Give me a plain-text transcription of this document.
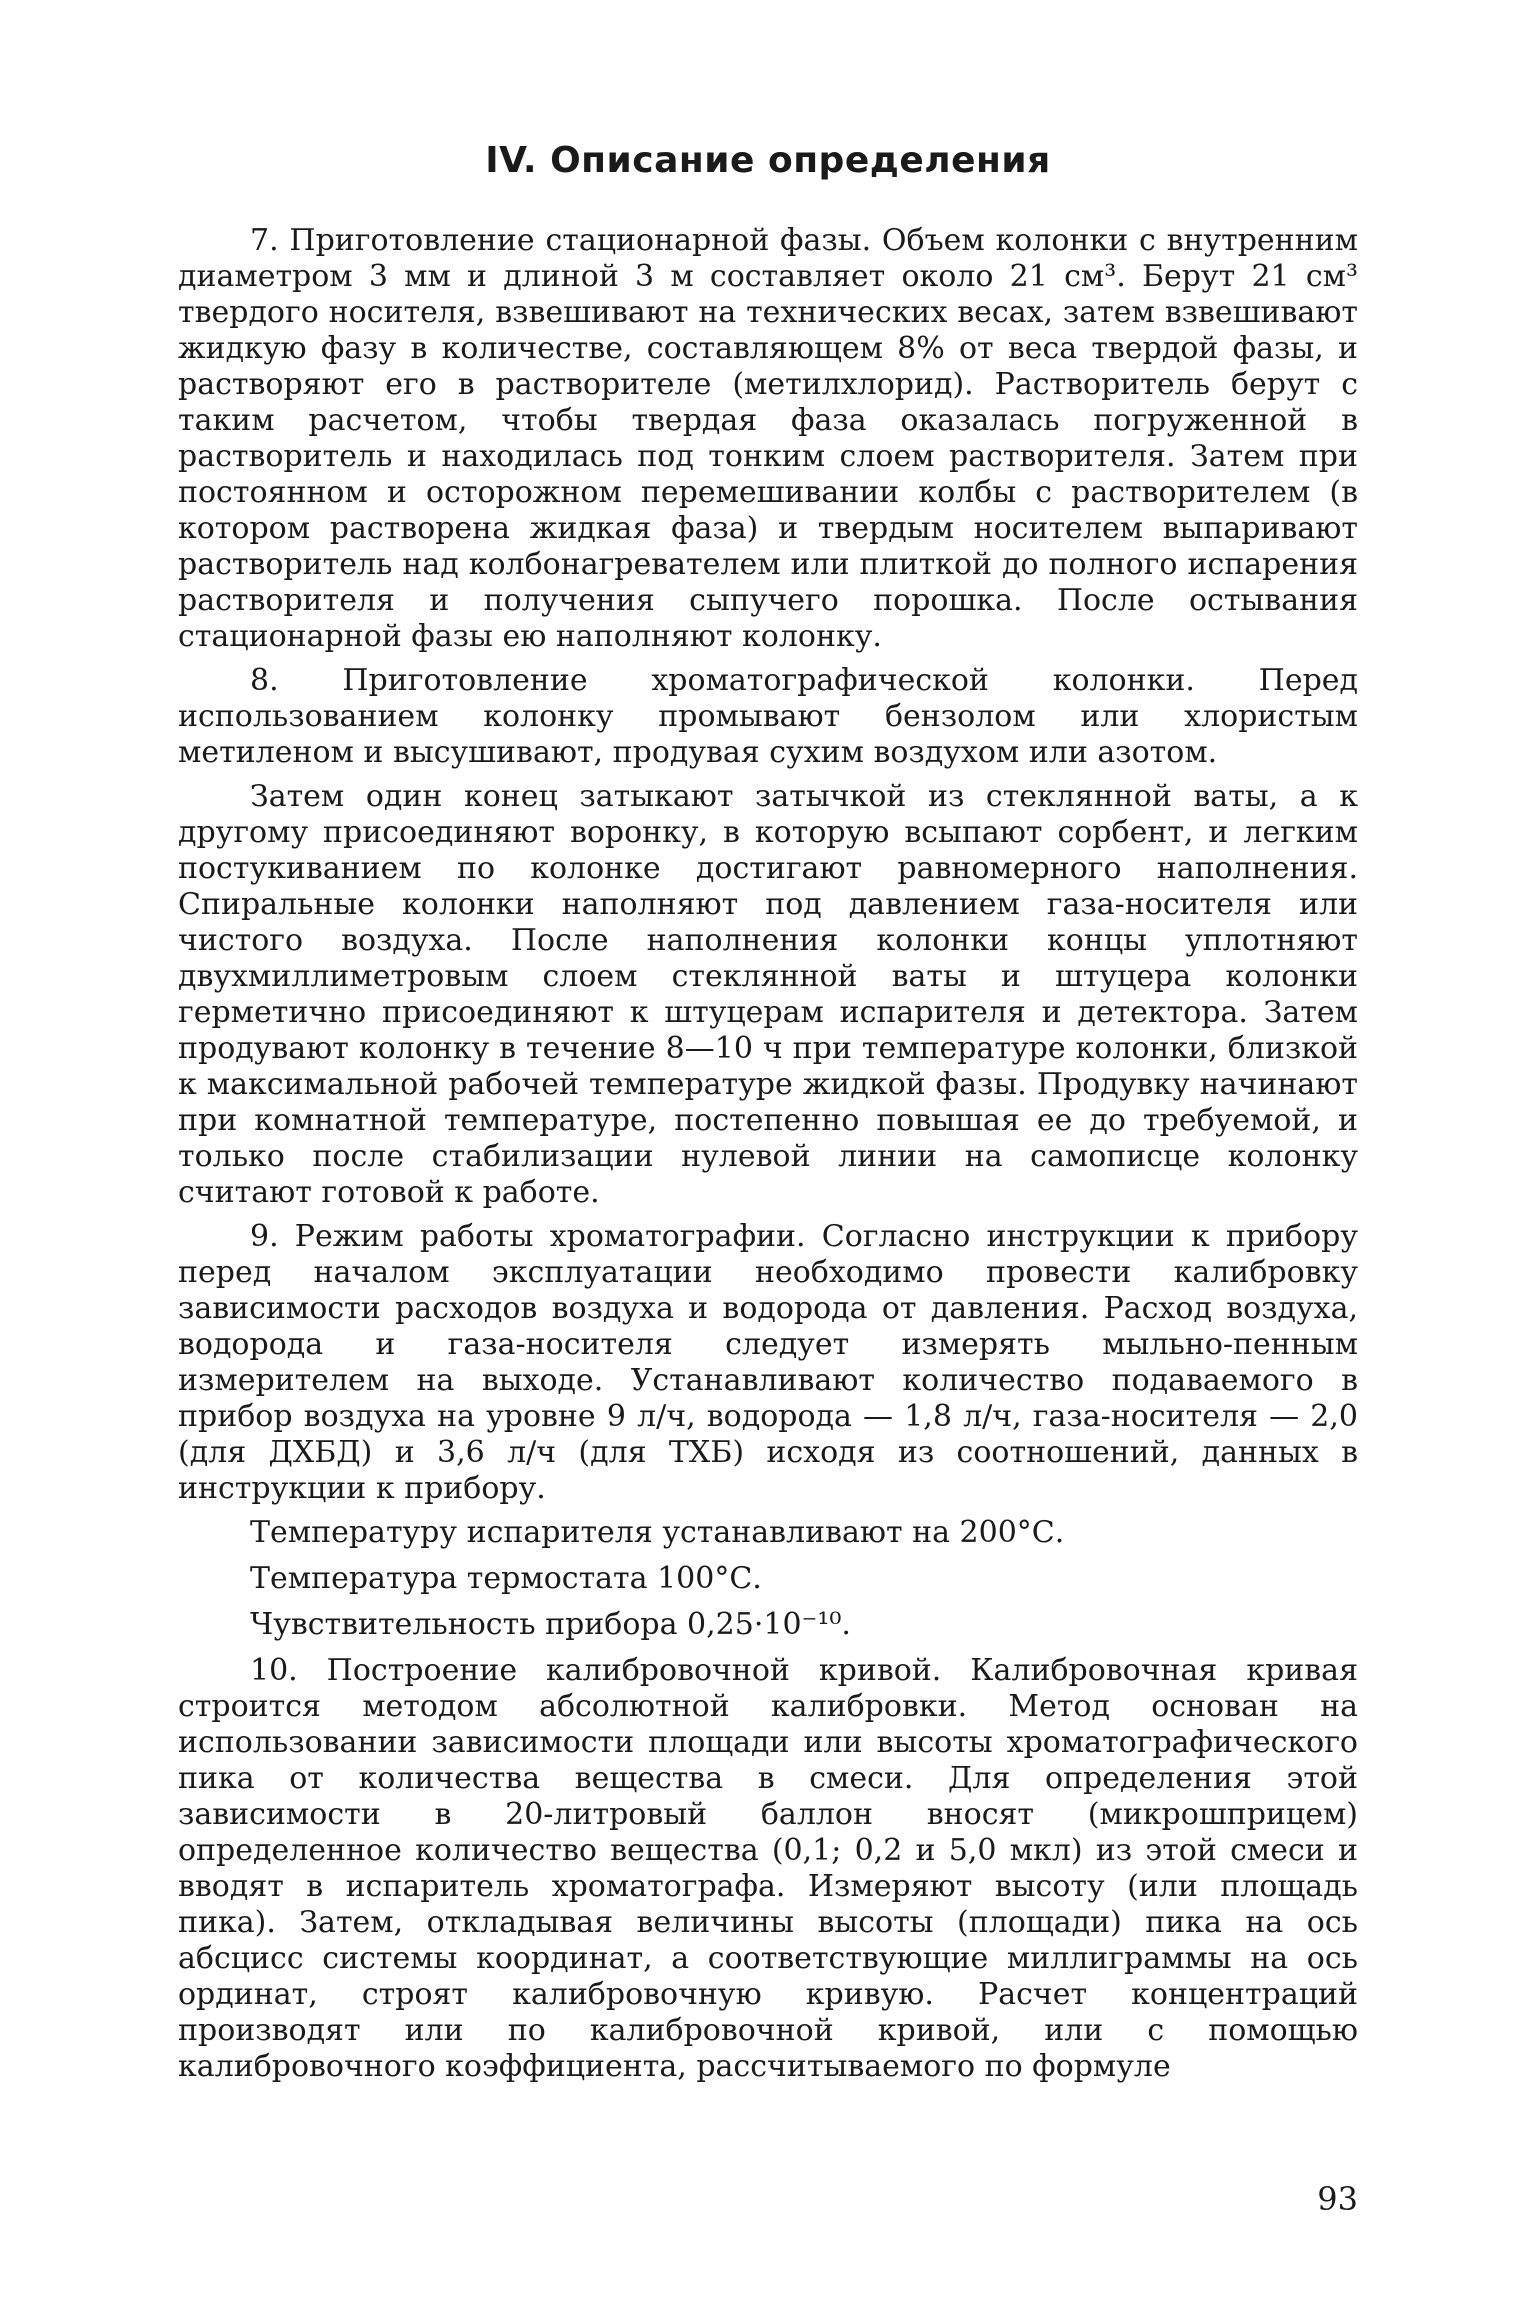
IV. Описание определения

7. Приготовление стационарной фазы. Объем колонки с внутренним диаметром 3 мм и длиной 3 м составляет около 21 см³. Берут 21 см³ твердого носителя, взвешивают на технических весах, затем взвешивают жидкую фазу в количестве, составляющем 8% от веса твердой фазы, и растворяют его в растворителе (метилхлорид). Растворитель берут с таким расчетом, чтобы твердая фаза оказалась погруженной в растворитель и находилась под тонким слоем растворителя. Затем при постоянном и осторожном перемешивании колбы с растворителем (в котором растворена жидкая фаза) и твердым носителем выпаривают растворитель над колбонагревателем или плиткой до полного испарения растворителя и получения сыпучего порошка. После остывания стационарной фазы ею наполняют колонку.

8. Приготовление хроматографической колонки. Перед использованием колонку промывают бензолом или хлористым метиленом и высушивают, продувая сухим воздухом или азотом.

Затем один конец затыкают затычкой из стеклянной ваты, а к другому присоединяют воронку, в которую всыпают сорбент, и легким постукиванием по колонке достигают равномерного наполнения. Спиральные колонки наполняют под давлением газа-носителя или чистого воздуха. После наполнения колонки концы уплотняют двухмиллиметровым слоем стеклянной ваты и штуцера колонки герметично присоединяют к штуцерам испарителя и детектора. Затем продувают колонку в течение 8—10 ч при температуре колонки, близкой к максимальной рабочей температуре жидкой фазы. Продувку начинают при комнатной температуре, постепенно повышая ее до требуемой, и только после стабилизации нулевой линии на самописце колонку считают готовой к работе.

9. Режим работы хроматографии. Согласно инструкции к прибору перед началом эксплуатации необходимо провести калибровку зависимости расходов воздуха и водорода от давления. Расход воздуха, водорода и газа-носителя следует измерять мыльно-пенным измерителем на выходе. Устанавливают количество подаваемого в прибор воздуха на уровне 9 л/ч, водорода — 1,8 л/ч, газа-носителя — 2,0 (для ДХБД) и 3,6 л/ч (для ТХБ) исходя из соотношений, данных в инструкции к прибору.

Температуру испарителя устанавливают на 200°С.

Температура термостата 100°С.

Чувствительность прибора 0,25·10⁻¹⁰.

10. Построение калибровочной кривой. Калибровочная кривая строится методом абсолютной калибровки. Метод основан на использовании зависимости площади или высоты хроматографического пика от количества вещества в смеси. Для определения этой зависимости в 20-литровый баллон вносят (микрошприцем) определенное количество вещества (0,1; 0,2 и 5,0 мкл) из этой смеси и вводят в испаритель хроматографа. Измеряют высоту (или площадь пика). Затем, откладывая величины высоты (площади) пика на ось абсцисс системы координат, а соответствующие миллиграммы на ось ординат, строят калибровочную кривую. Расчет концентраций производят или по калибровочной кривой, или с помощью калибровочного коэффициента, рассчитываемого по формуле

93
